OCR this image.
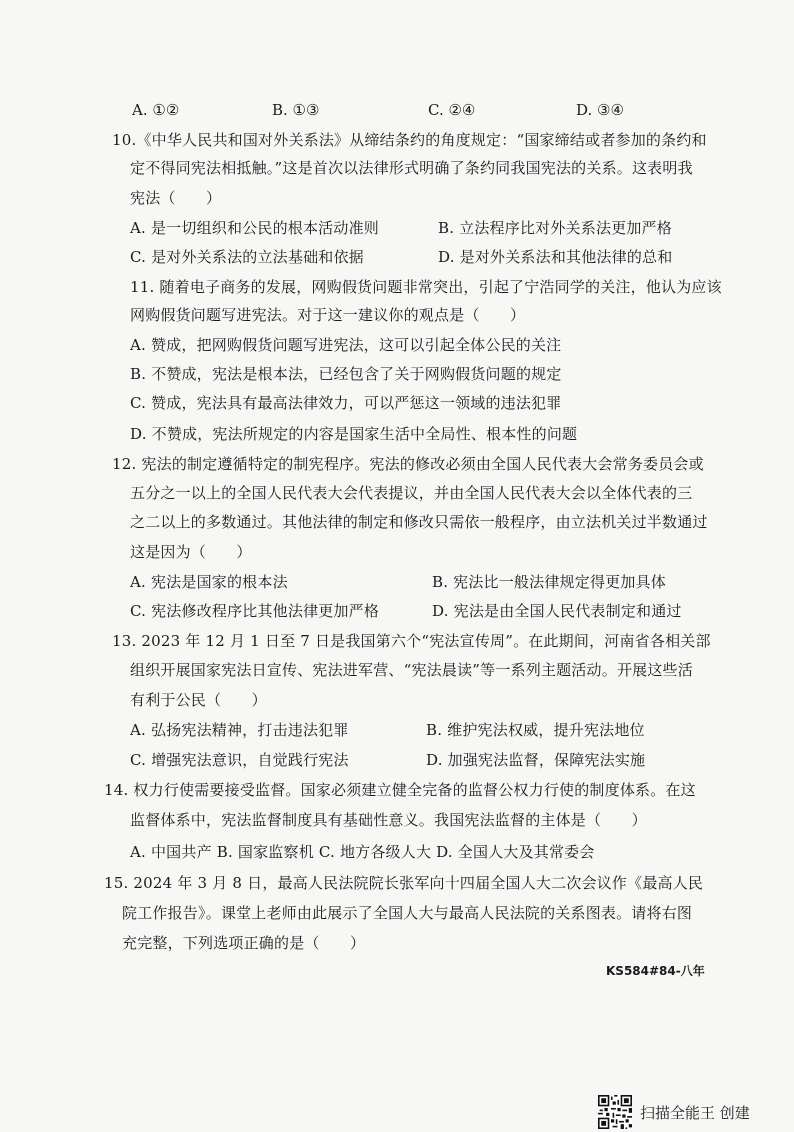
A. ①②	B. ①③	C. ②④	D. ③④
10.《中华人民共和国对外关系法》从缔结条约的角度规定：“国家缔结或者参加的条约和
定不得同宪法相抵触。”这是首次以法律形式明确了条约同我国宪法的关系。这表明我
宪法（　　）
A. 是一切组织和公民的根本活动准则	B. 立法程序比对外关系法更加严格
C. 是对外关系法的立法基础和依据	D. 是对外关系法和其他法律的总和
11. 随着电子商务的发展，网购假货问题非常突出，引起了宁浩同学的关注，他认为应该
网购假货问题写进宪法。对于这一建议你的观点是（　　）
A. 赞成，把网购假货问题写进宪法，这可以引起全体公民的关注
B. 不赞成，宪法是根本法，已经包含了关于网购假货问题的规定
C. 赞成，宪法具有最高法律效力，可以严惩这一领域的违法犯罪
D. 不赞成，宪法所规定的内容是国家生活中全局性、根本性的问题
12. 宪法的制定遵循特定的制宪程序。宪法的修改必须由全国人民代表大会常务委员会或
五分之一以上的全国人民代表大会代表提议，并由全国人民代表大会以全体代表的三
之二以上的多数通过。其他法律的制定和修改只需依一般程序，由立法机关过半数通过
这是因为（　　）
A. 宪法是国家的根本法	B. 宪法比一般法律规定得更加具体
C. 宪法修改程序比其他法律更加严格	D. 宪法是由全国人民代表制定和通过
13. 2023 年 12 月 1 日至 7 日是我国第六个“宪法宣传周”。在此期间，河南省各相关部
组织开展国家宪法日宣传、宪法进军营、“宪法晨读”等一系列主题活动。开展这些活
有利于公民（　　）
A. 弘扬宪法精神，打击违法犯罪	B. 维护宪法权威，提升宪法地位
C. 增强宪法意识，自觉践行宪法	D. 加强宪法监督，保障宪法实施
14. 权力行使需要接受监督。国家必须建立健全完备的监督公权力行使的制度体系。在这
监督体系中，宪法监督制度具有基础性意义。我国宪法监督的主体是（　　）
A. 中国共产 B. 国家监察机 C. 地方各级人大 D. 全国人大及其常委会
15. 2024 年 3 月 8 日，最高人民法院院长张军向十四届全国人大二次会议作《最高人民
院工作报告》。课堂上老师由此展示了全国人大与最高人民法院的关系图表。请将右图
充完整，下列选项正确的是（　　）
KS584#84-八年
扫描全能王 创建
